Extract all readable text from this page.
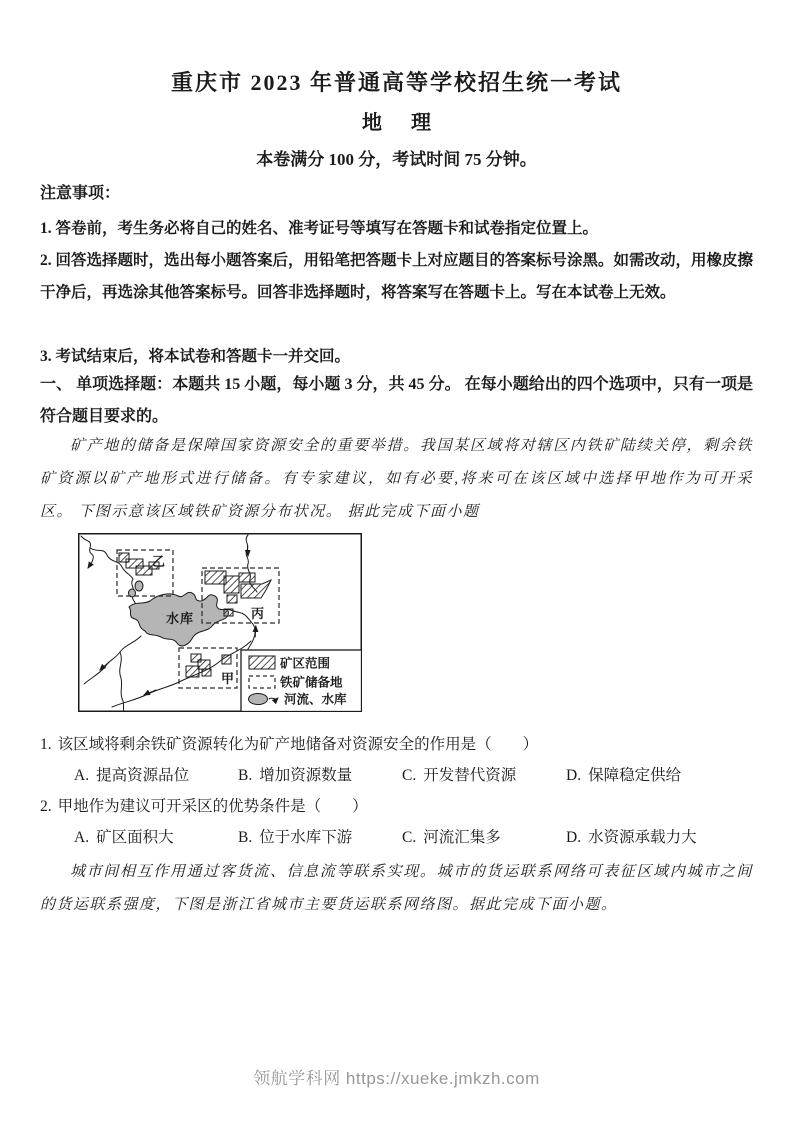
重庆市 2023 年普通高等学校招生统一考试
地 理
本卷满分 100 分，考试时间 75 分钟。
注意事项：

1. 答卷前，考生务必将自己的姓名、准考证号等填写在答题卡和试卷指定位置上。

2. 回答选择题时，选出每小题答案后，用铅笔把答题卡上对应题目的答案标号涂黑。如需改动，用橡皮擦干净后，再选涂其他答案标号。回答非选择题时，将答案写在答题卡上。写在本试卷上无效。

3. 考试结束后，将本试卷和答题卡一并交回。

一、 单项选择题：本题共 15 小题，每小题 3 分，共 45 分。 在每小题给出的四个选项中，只有一项是符合题目要求的。

矿产地的储备是保障国家资源安全的重要举措。我国某区域将对辖区内铁矿陆续关停，剩余铁矿资源以矿产地形式进行储备。有专家建议，如有必要,将来可在该区域中选择甲地作为可开采区。 下图示意该区域铁矿资源分布状况。 据此完成下面小题

水库
乙
丙
甲
矿区范围
铁矿储备地
河流、水库
1. 该区域将剩余铁矿资源转化为矿产地储备对资源安全的作用是（　　）
A. 提高资源品位	B. 增加资源数量	C. 开发替代资源	D. 保障稳定供给
2. 甲地作为建议可开采区的优势条件是（　　）
A. 矿区面积大	B. 位于水库下游	C. 河流汇集多	D. 水资源承载力大

城市间相互作用通过客货流、信息流等联系实现。城市的货运联系网络可表征区域内城市之间的货运联系强度，下图是浙江省城市主要货运联系网络图。据此完成下面小题。

领航学科网 https://xueke.jmkzh.com
